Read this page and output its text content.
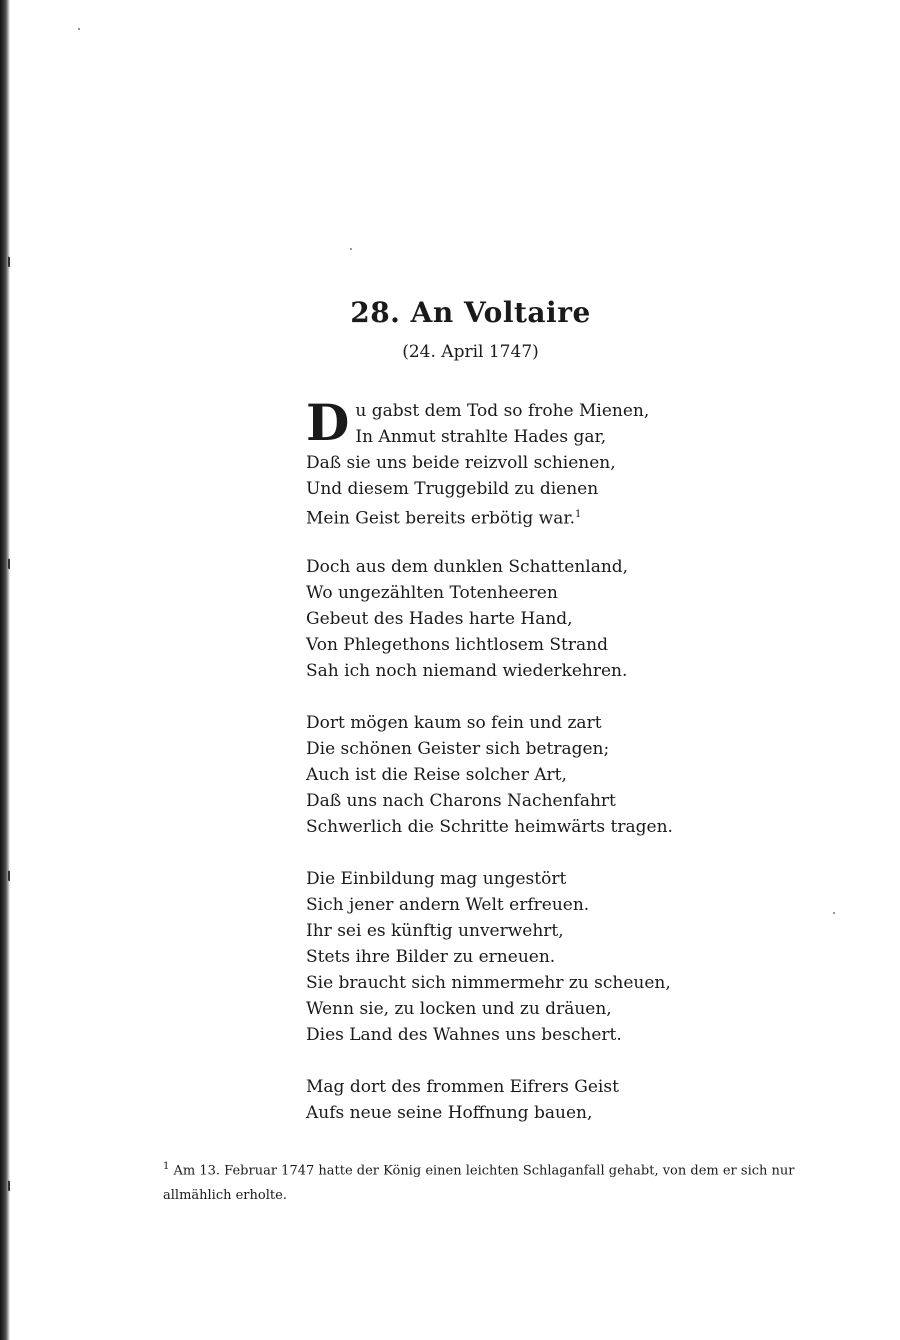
28. An Voltaire
(24. April 1747)
Du gabst dem Tod so frohe Mienen,
In Anmut strahlte Hades gar,
Daß sie uns beide reizvoll schienen,
Und diesem Truggebild zu dienen
Mein Geist bereits erbötig war.$^1$
Doch aus dem dunklen Schattenland,
Wo ungezählten Totenheeren
Gebeut des Hades harte Hand,
Von Phlegethons lichtlosem Strand
Sah ich noch niemand wiederkehren.
Dort mögen kaum so fein und zart
Die schönen Geister sich betragen;
Auch ist die Reise solcher Art,
Daß uns nach Charons Nachenfahrt
Schwerlich die Schritte heimwärts tragen.
Die Einbildung mag ungestört
Sich jener andern Welt erfreuen.
Ihr sei es künftig unverwehrt,
Stets ihre Bilder zu erneuen.
Sie braucht sich nimmermehr zu scheuen,
Wenn sie, zu locken und zu dräuen,
Dies Land des Wahnes uns beschert.
Mag dort des frommen Eifrers Geist
Aufs neue seine Hoffnung bauen,
$^1$ Am 13. Februar 1747 hatte der König einen leichten Schlaganfall gehabt, von dem er sich nur allmählich erholte.
